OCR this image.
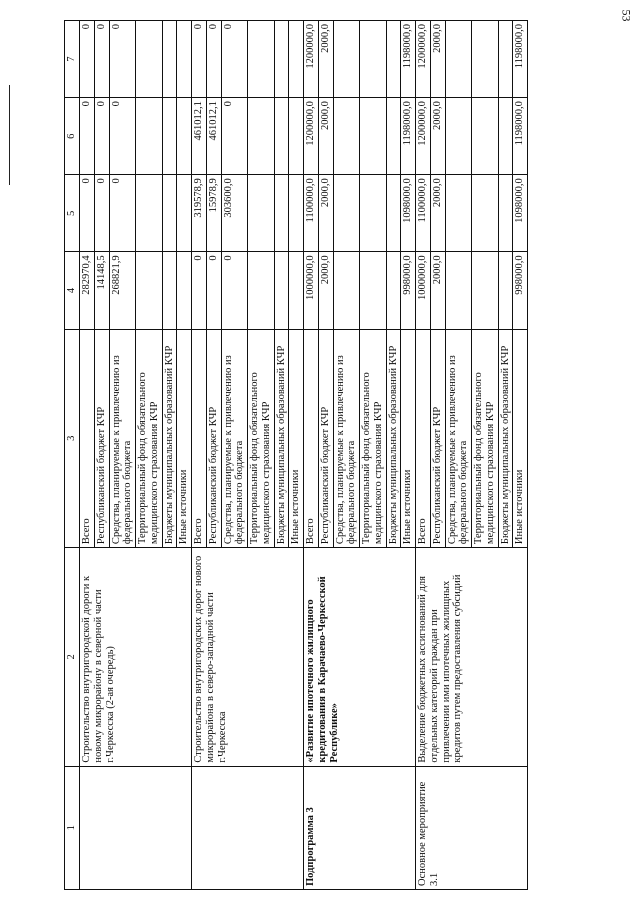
53
1	2	3	4	5	6	7
	Строительство внутригородской дороги к новому микрорайону в северной части г.Черкесска (2-ая очередь)	Всего	282970,4	0	0	0
		Республиканский бюджет КЧР	14148,5	0	0	0
		Средства, планируемые к привлечению из федерального бюджета	268821,9	0	0	0
		Территориальный фонд обязательного медицинского страхования КЧР				
		Бюджеты муниципальных образований КЧР				
		Иные источники				
	Строительство внутригородских дорог нового микрорайона в северо-западной части г.Черкесска	Всего	0	319578,9	461012,1	0
		Республиканский бюджет КЧР	0	15978,9	461012,1	0
		Средства, планируемые к привлечению из федерального бюджета	0	303600,0	0	0
		Территориальный фонд обязательного медицинского страхования КЧР				
		Бюджеты муниципальных образований КЧР				
		Иные источники				
Подпрограмма 3	«Развитие ипотечного жилищного кредитования в Карачаево-Черкесской Республике»	Всего	1000000,0	1100000,0	1200000,0	1200000,0
		Республиканский бюджет КЧР	2000,0	2000,0	2000,0	2000,0
		Средства, планируемые к привлечению из федерального бюджета				
		Территориальный фонд обязательного медицинского страхования КЧР				
		Бюджеты муниципальных образований КЧР				
		Иные источники	998000,0	1098000,0	1198000,0	1198000,0
Основное мероприятие 3.1	Выделение бюджетных ассигнований для отдельных категорий граждан при привлечении ими ипотечных жилищных кредитов путем предоставления субсидий	Всего	1000000,0	1100000,0	1200000,0	1200000,0
		Республиканский бюджет КЧР	2000,0	2000,0	2000,0	2000,0
		Средства, планируемые к привлечению из федерального бюджета				
		Территориальный фонд обязательного медицинского страхования КЧР				
		Бюджеты муниципальных образований КЧР				
		Иные источники	998000,0	1098000,0	1198000,0	1198000,0
